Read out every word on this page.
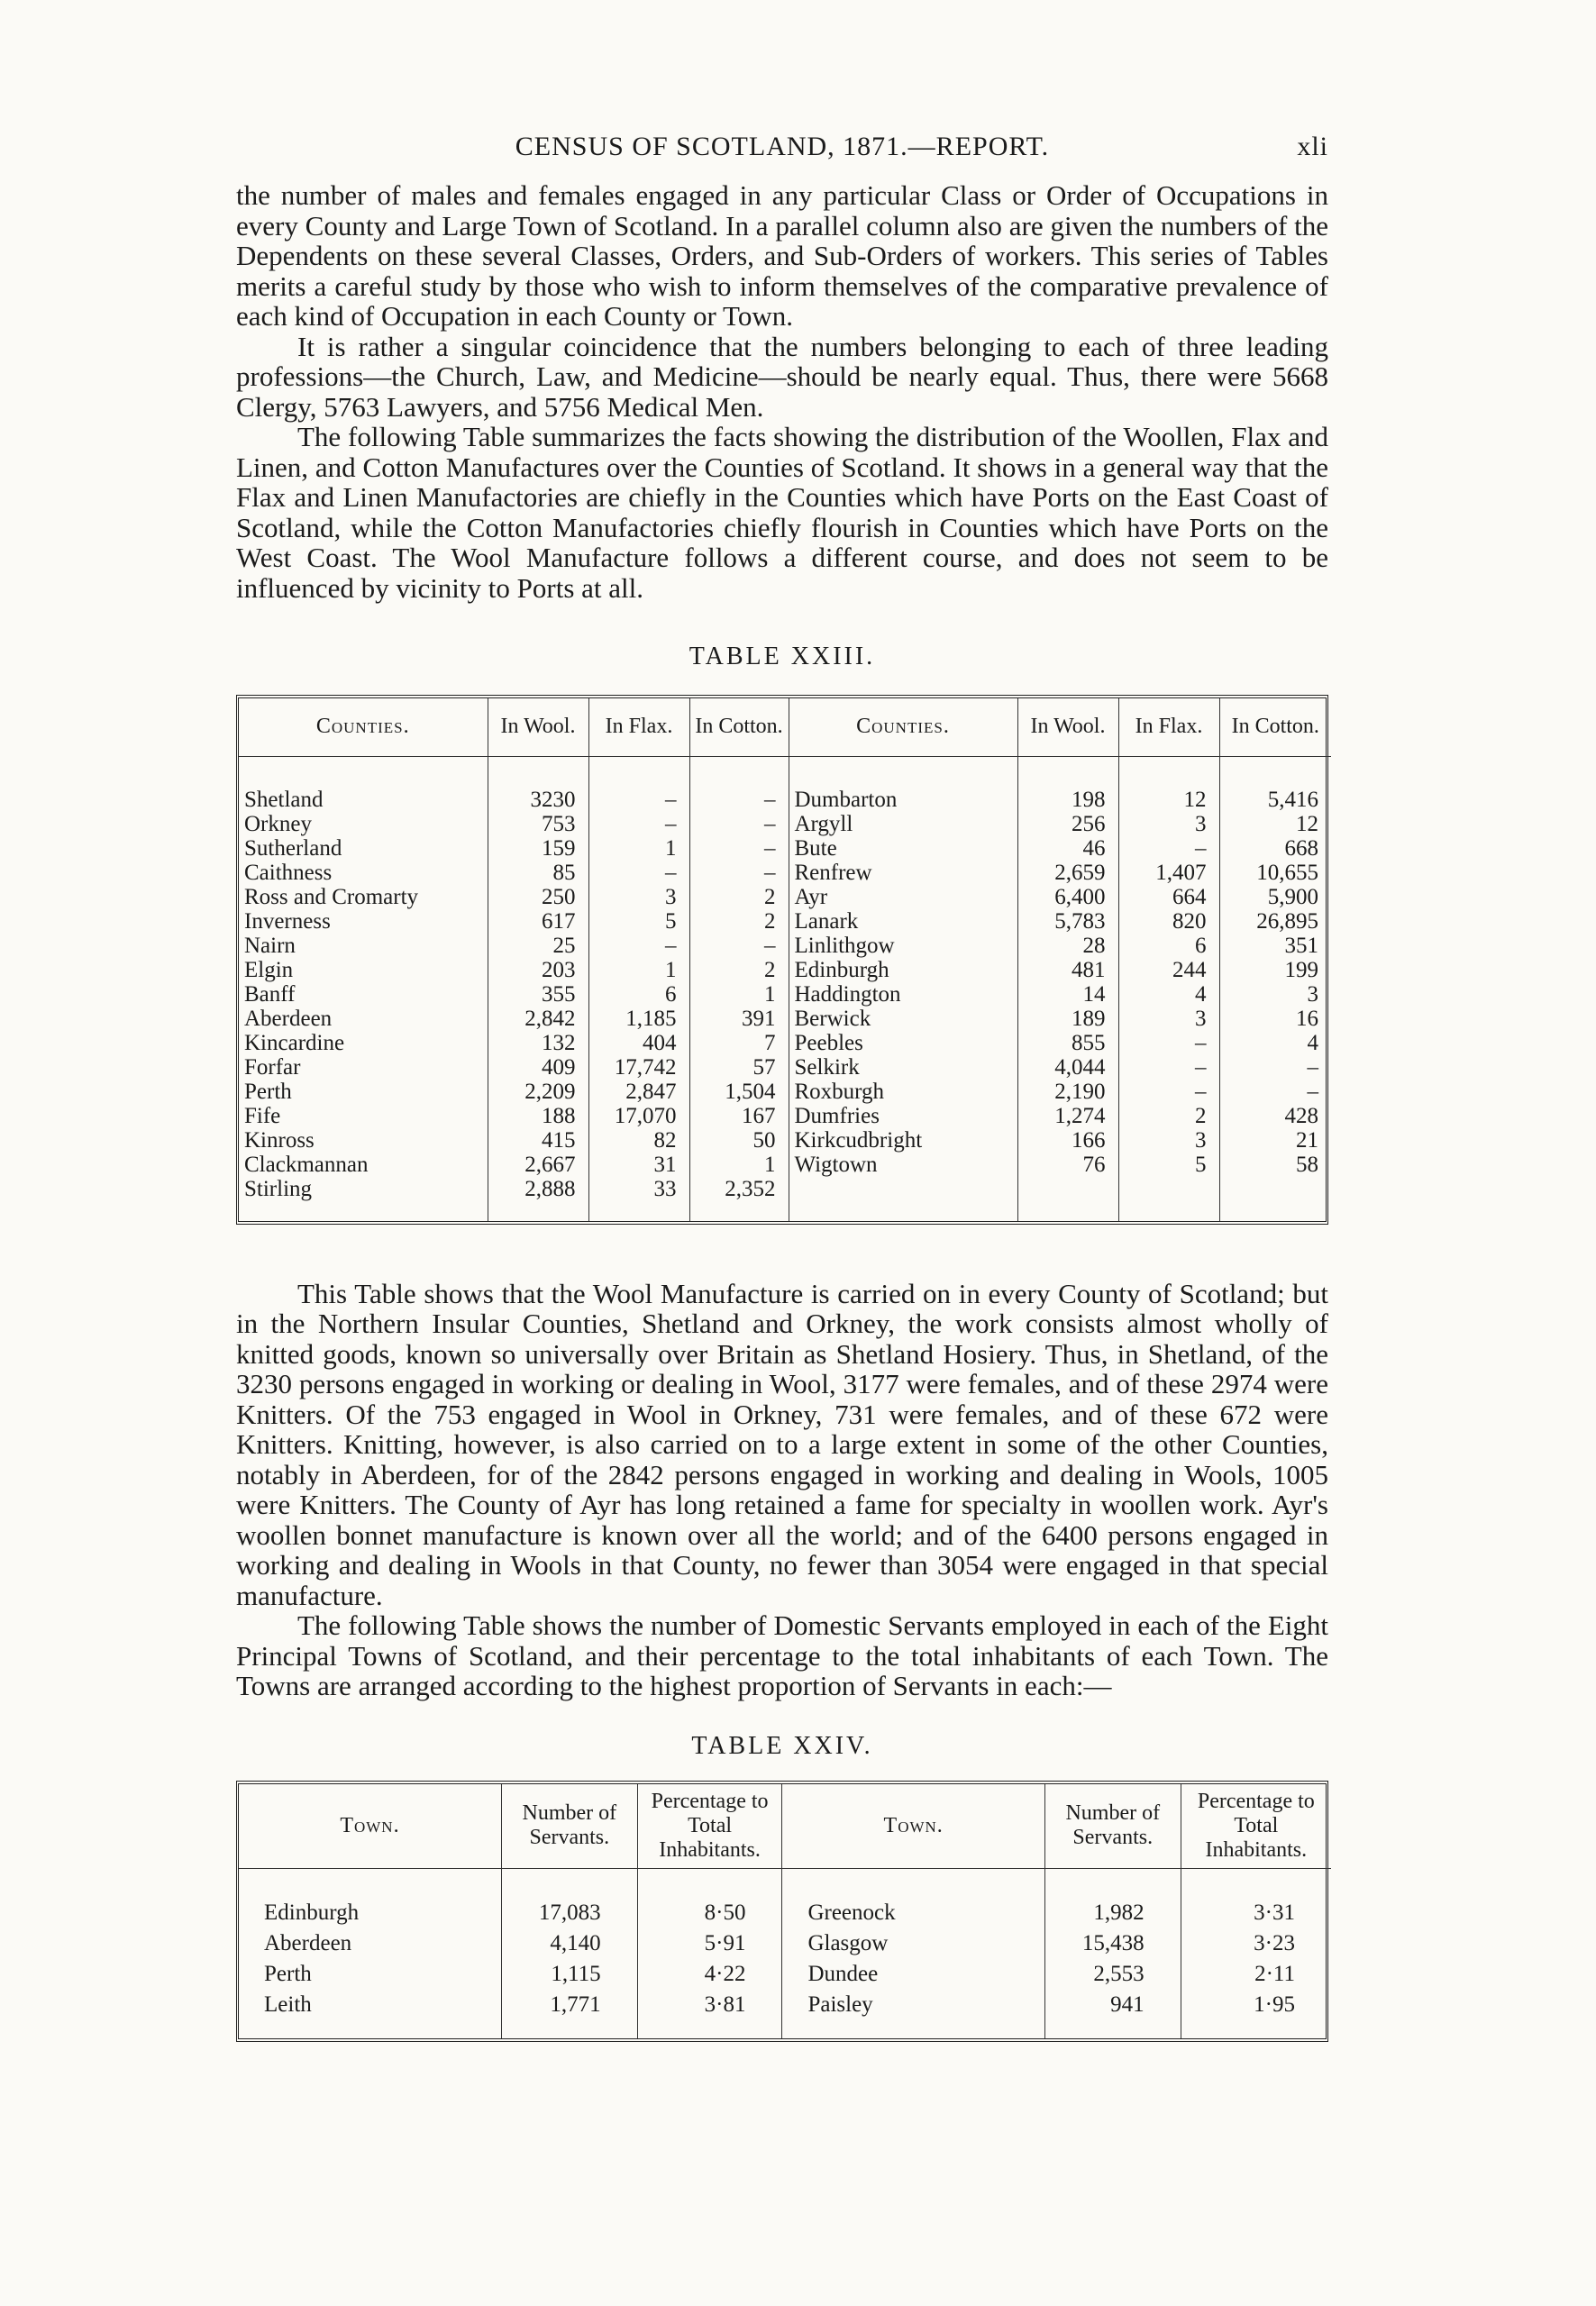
CENSUS OF SCOTLAND, 1871.—REPORT.	xli

the number of males and females engaged in any particular Class or Order of Occupations in every County and Large Town of Scotland. In a parallel column also are given the numbers of the Dependents on these several Classes, Orders, and Sub-Orders of workers. This series of Tables merits a careful study by those who wish to inform themselves of the comparative prevalence of each kind of Occupation in each County or Town.

It is rather a singular coincidence that the numbers belonging to each of three leading professions—the Church, Law, and Medicine—should be nearly equal. Thus, there were 5668 Clergy, 5763 Lawyers, and 5756 Medical Men.

The following Table summarizes the facts showing the distribution of the Woollen, Flax and Linen, and Cotton Manufactures over the Counties of Scotland. It shows in a general way that the Flax and Linen Manufactories are chiefly in the Counties which have Ports on the East Coast of Scotland, while the Cotton Manufactories chiefly flourish in Counties which have Ports on the West Coast. The Wool Manufacture follows a different course, and does not seem to be influenced by vicinity to Ports at all.

TABLE XXIII.
Counties.	In Wool.	In Flax.	In Cotton.	Counties.	In Wool.	In Flax.	In Cotton.
Shetland	3230	–	–	Dumbarton	198	12	5,416
Orkney	753	–	–	Argyll	256	3	12
Sutherland	159	1	–	Bute	46	–	668
Caithness	85	–	–	Renfrew	2,659	1,407	10,655
Ross and Cromarty	250	3	2	Ayr	6,400	664	5,900
Inverness	617	5	2	Lanark	5,783	820	26,895
Nairn	25	–	–	Linlithgow	28	6	351
Elgin	203	1	2	Edinburgh	481	244	199
Banff	355	6	1	Haddington	14	4	3
Aberdeen	2,842	1,185	391	Berwick	189	3	16
Kincardine	132	404	7	Peebles	855	–	4
Forfar	409	17,742	57	Selkirk	4,044	–	–
Perth	2,209	2,847	1,504	Roxburgh	2,190	–	–
Fife	188	17,070	167	Dumfries	1,274	2	428
Kinross	415	82	50	Kirkcudbright	166	3	21
Clackmannan	2,667	31	1	Wigtown	76	5	58
Stirling	2,888	33	2,352				

This Table shows that the Wool Manufacture is carried on in every County of Scotland; but in the Northern Insular Counties, Shetland and Orkney, the work consists almost wholly of knitted goods, known so universally over Britain as Shetland Hosiery. Thus, in Shetland, of the 3230 persons engaged in working or dealing in Wool, 3177 were females, and of these 2974 were Knitters. Of the 753 engaged in Wool in Orkney, 731 were females, and of these 672 were Knitters. Knitting, however, is also carried on to a large extent in some of the other Counties, notably in Aberdeen, for of the 2842 persons engaged in working and dealing in Wools, 1005 were Knitters. The County of Ayr has long retained a fame for specialty in woollen work. Ayr's woollen bonnet manufacture is known over all the world; and of the 6400 persons engaged in working and dealing in Wools in that County, no fewer than 3054 were engaged in that special manufacture.

The following Table shows the number of Domestic Servants employed in each of the Eight Principal Towns of Scotland, and their percentage to the total inhabitants of each Town. The Towns are arranged according to the highest proportion of Servants in each:—

TABLE XXIV.
Town.	Number of Servants.	Percentage to Total Inhabitants.	Town.	Number of Servants.	Percentage to Total Inhabitants.
Edinburgh	17,083	8·50	Greenock	1,982	3·31
Aberdeen	4,140	5·91	Glasgow	15,438	3·23
Perth	1,115	4·22	Dundee	2,553	2·11
Leith	1,771	3·81	Paisley	941	1·95
